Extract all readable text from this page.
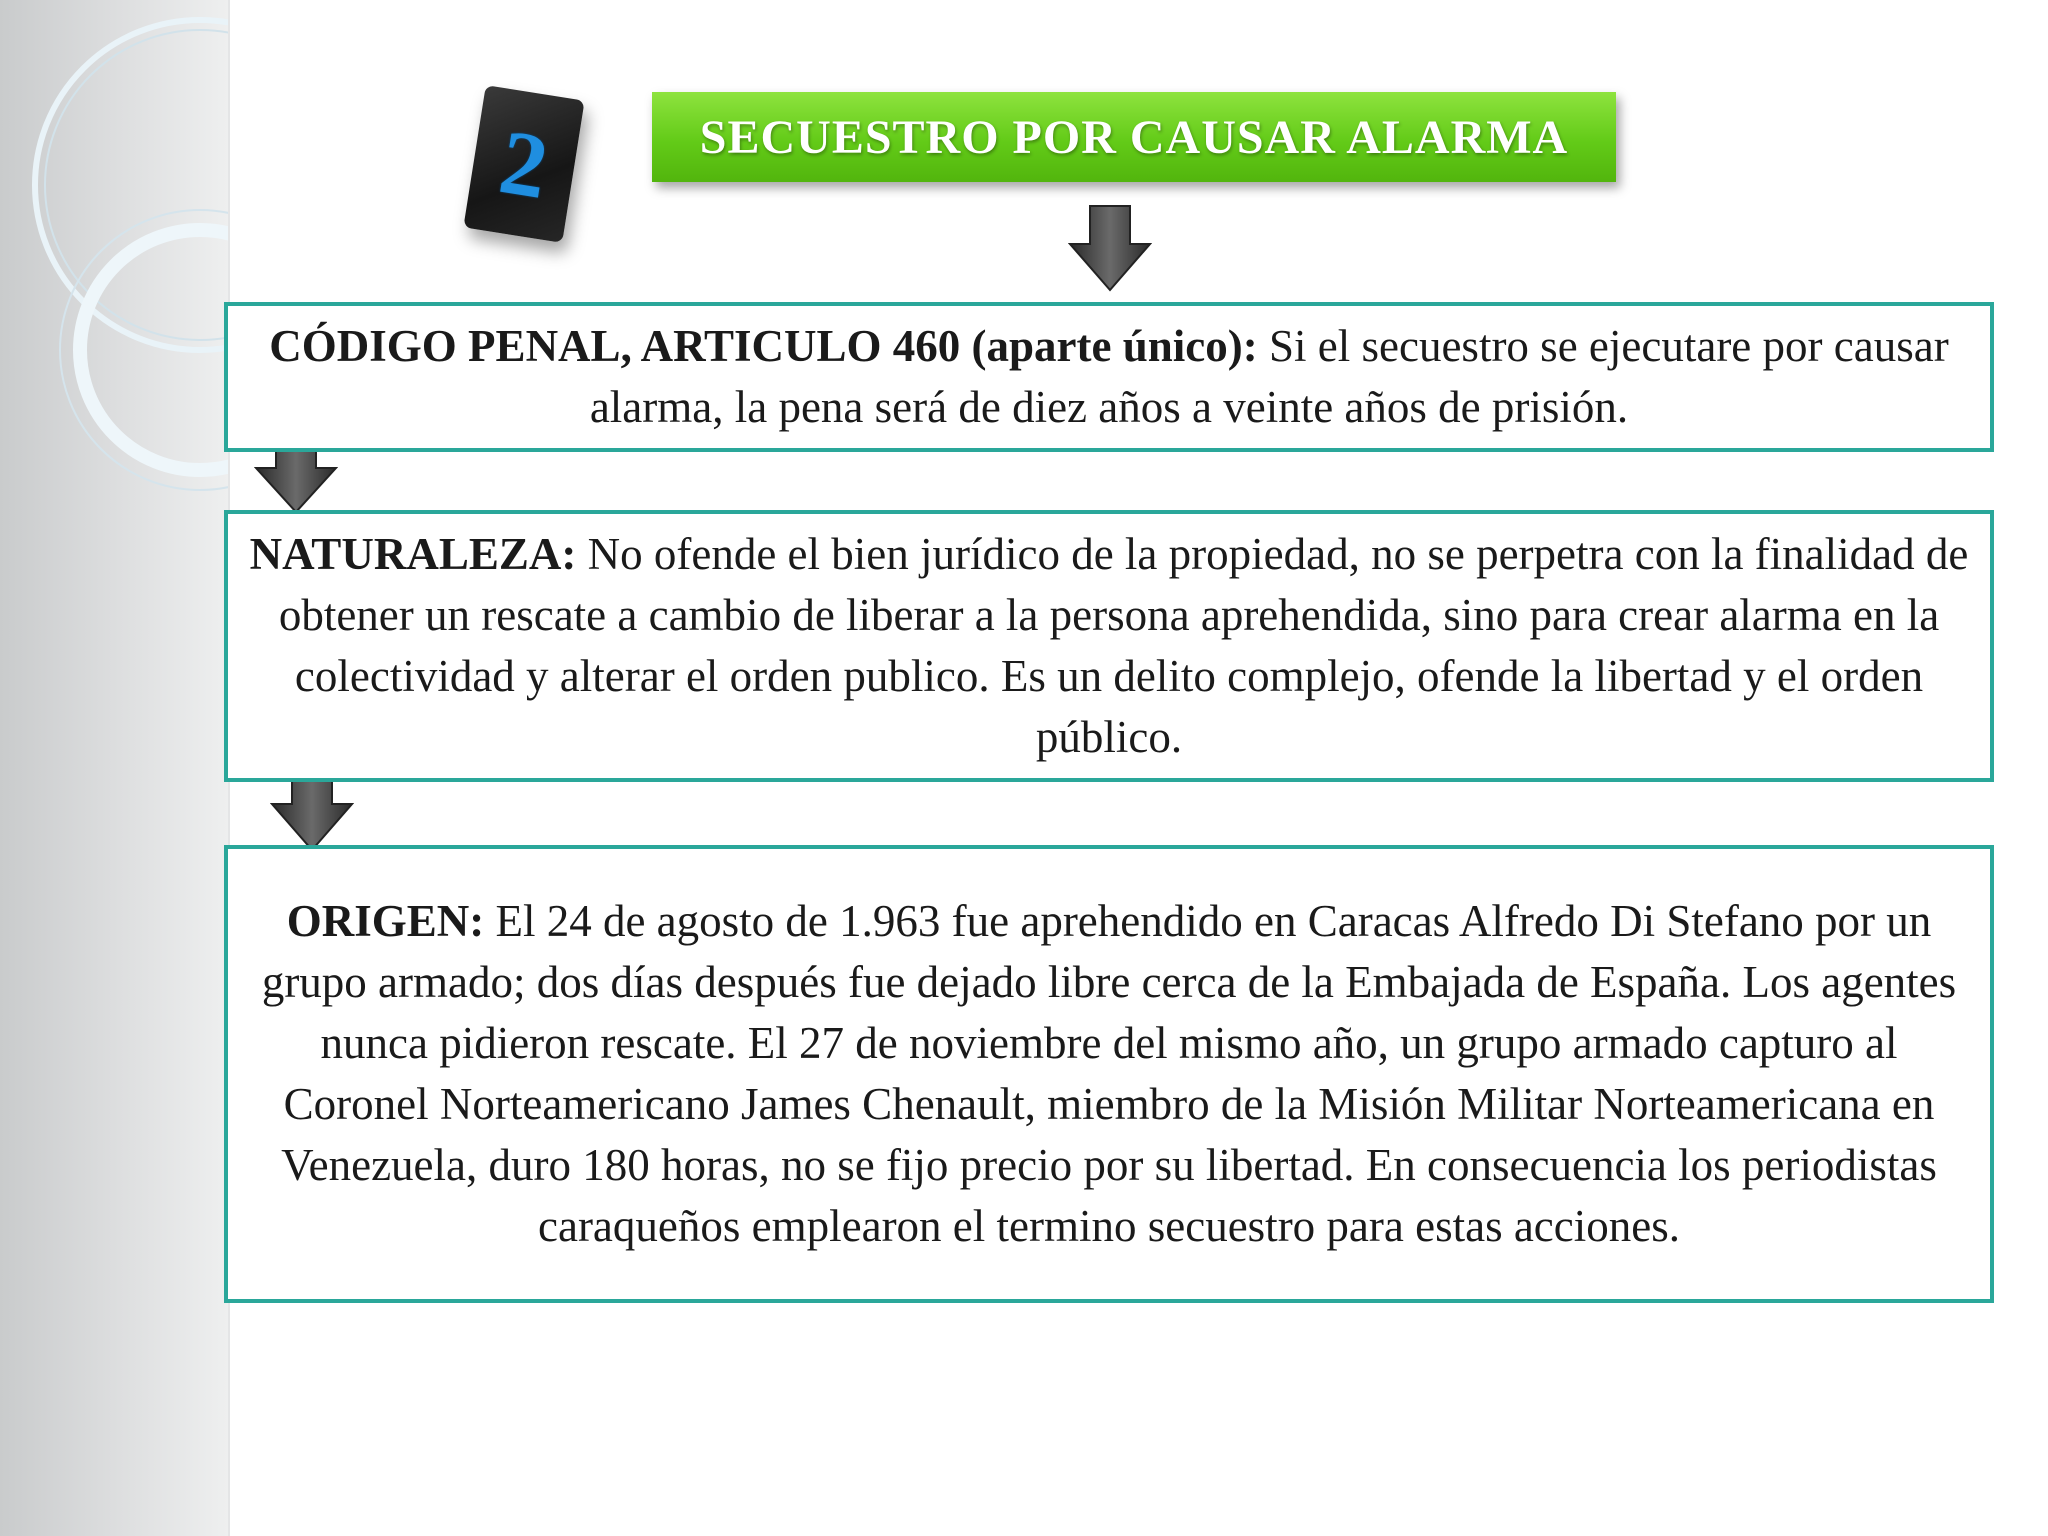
2	SECUESTRO POR CAUSAR ALARMA

CÓDIGO PENAL, ARTICULO 460 (aparte único): Si el secuestro se ejecutare por causar alarma, la pena será de diez años a veinte años de prisión.

NATURALEZA: No ofende el bien jurídico de la propiedad, no se perpetra con la finalidad de obtener un rescate a cambio de liberar a la persona aprehendida, sino para crear alarma en la colectividad y alterar el orden publico. Es un delito complejo, ofende la libertad y el orden público.

ORIGEN: El 24 de agosto de 1.963 fue aprehendido en Caracas Alfredo Di Stefano por un grupo armado; dos días después fue dejado libre cerca de la Embajada de España. Los agentes nunca pidieron rescate. El 27 de noviembre del mismo año, un grupo armado capturo al Coronel Norteamericano James Chenault, miembro de la Misión Militar Norteamericana en Venezuela, duro 180 horas, no se fijo precio por su libertad. En consecuencia los periodistas caraqueños emplearon el termino secuestro para estas acciones.
